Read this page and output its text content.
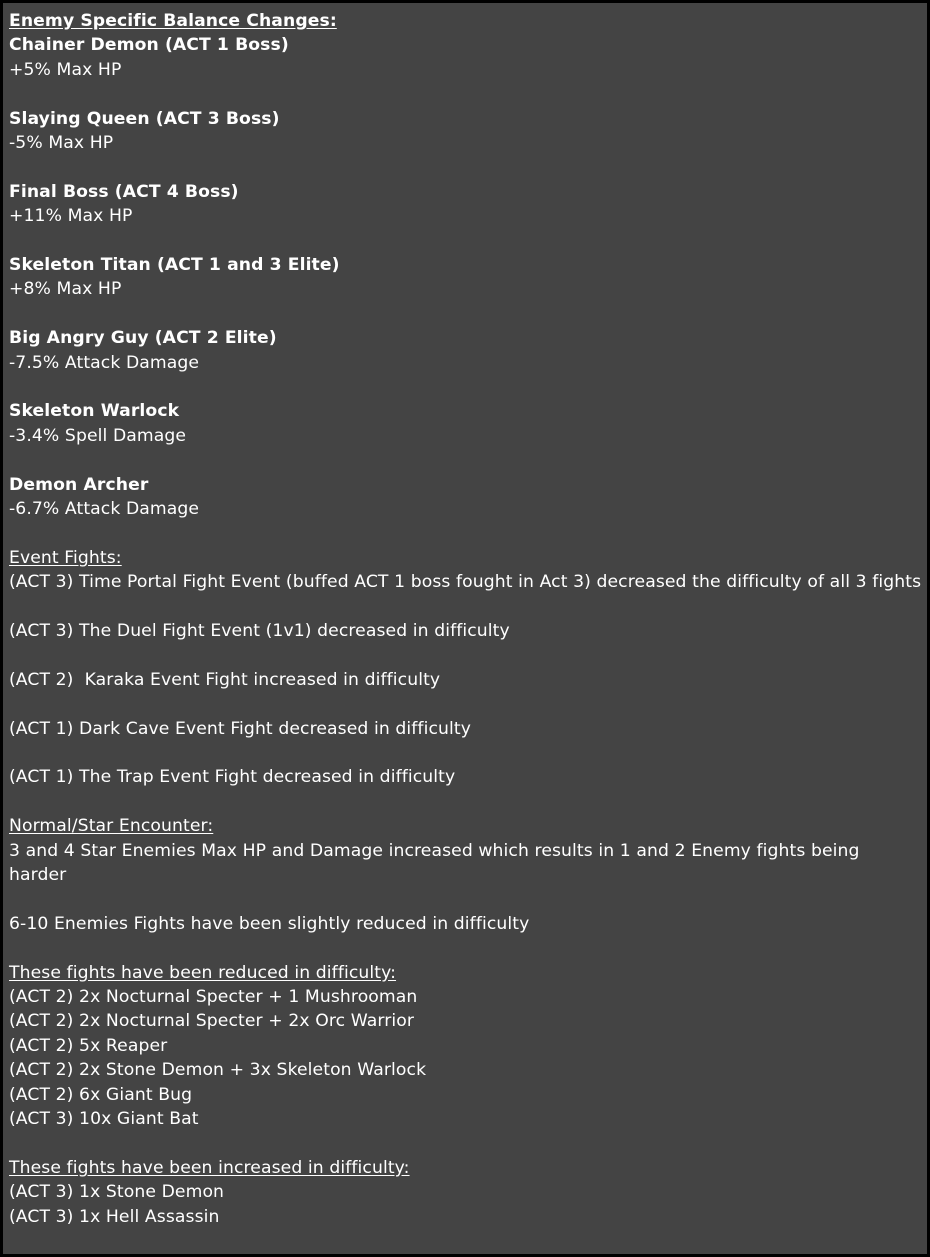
Enemy Specific Balance Changes:
Chainer Demon (ACT 1 Boss)
+5% Max HP
Slaying Queen (ACT 3 Boss)
-5% Max HP
Final Boss (ACT 4 Boss)
+11% Max HP
Skeleton Titan (ACT 1 and 3 Elite)
+8% Max HP
Big Angry Guy (ACT 2 Elite)
-7.5% Attack Damage
Skeleton Warlock
-3.4% Spell Damage
Demon Archer
-6.7% Attack Damage
Event Fights:
(ACT 3) Time Portal Fight Event (buffed ACT 1 boss fought in Act 3) decreased the difficulty of all 3 fights
(ACT 3) The Duel Fight Event (1v1) decreased in difficulty
(ACT 2)  Karaka Event Fight increased in difficulty
(ACT 1) Dark Cave Event Fight decreased in difficulty
(ACT 1) The Trap Event Fight decreased in difficulty
Normal/Star Encounter:
3 and 4 Star Enemies Max HP and Damage increased which results in 1 and 2 Enemy fights being harder
6-10 Enemies Fights have been slightly reduced in difficulty
These fights have been reduced in difficulty:
(ACT 2) 2x Nocturnal Specter + 1 Mushrooman
(ACT 2) 2x Nocturnal Specter + 2x Orc Warrior
(ACT 2) 5x Reaper
(ACT 2) 2x Stone Demon + 3x Skeleton Warlock
(ACT 2) 6x Giant Bug
(ACT 3) 10x Giant Bat
These fights have been increased in difficulty:
(ACT 3) 1x Stone Demon
(ACT 3) 1x Hell Assassin
